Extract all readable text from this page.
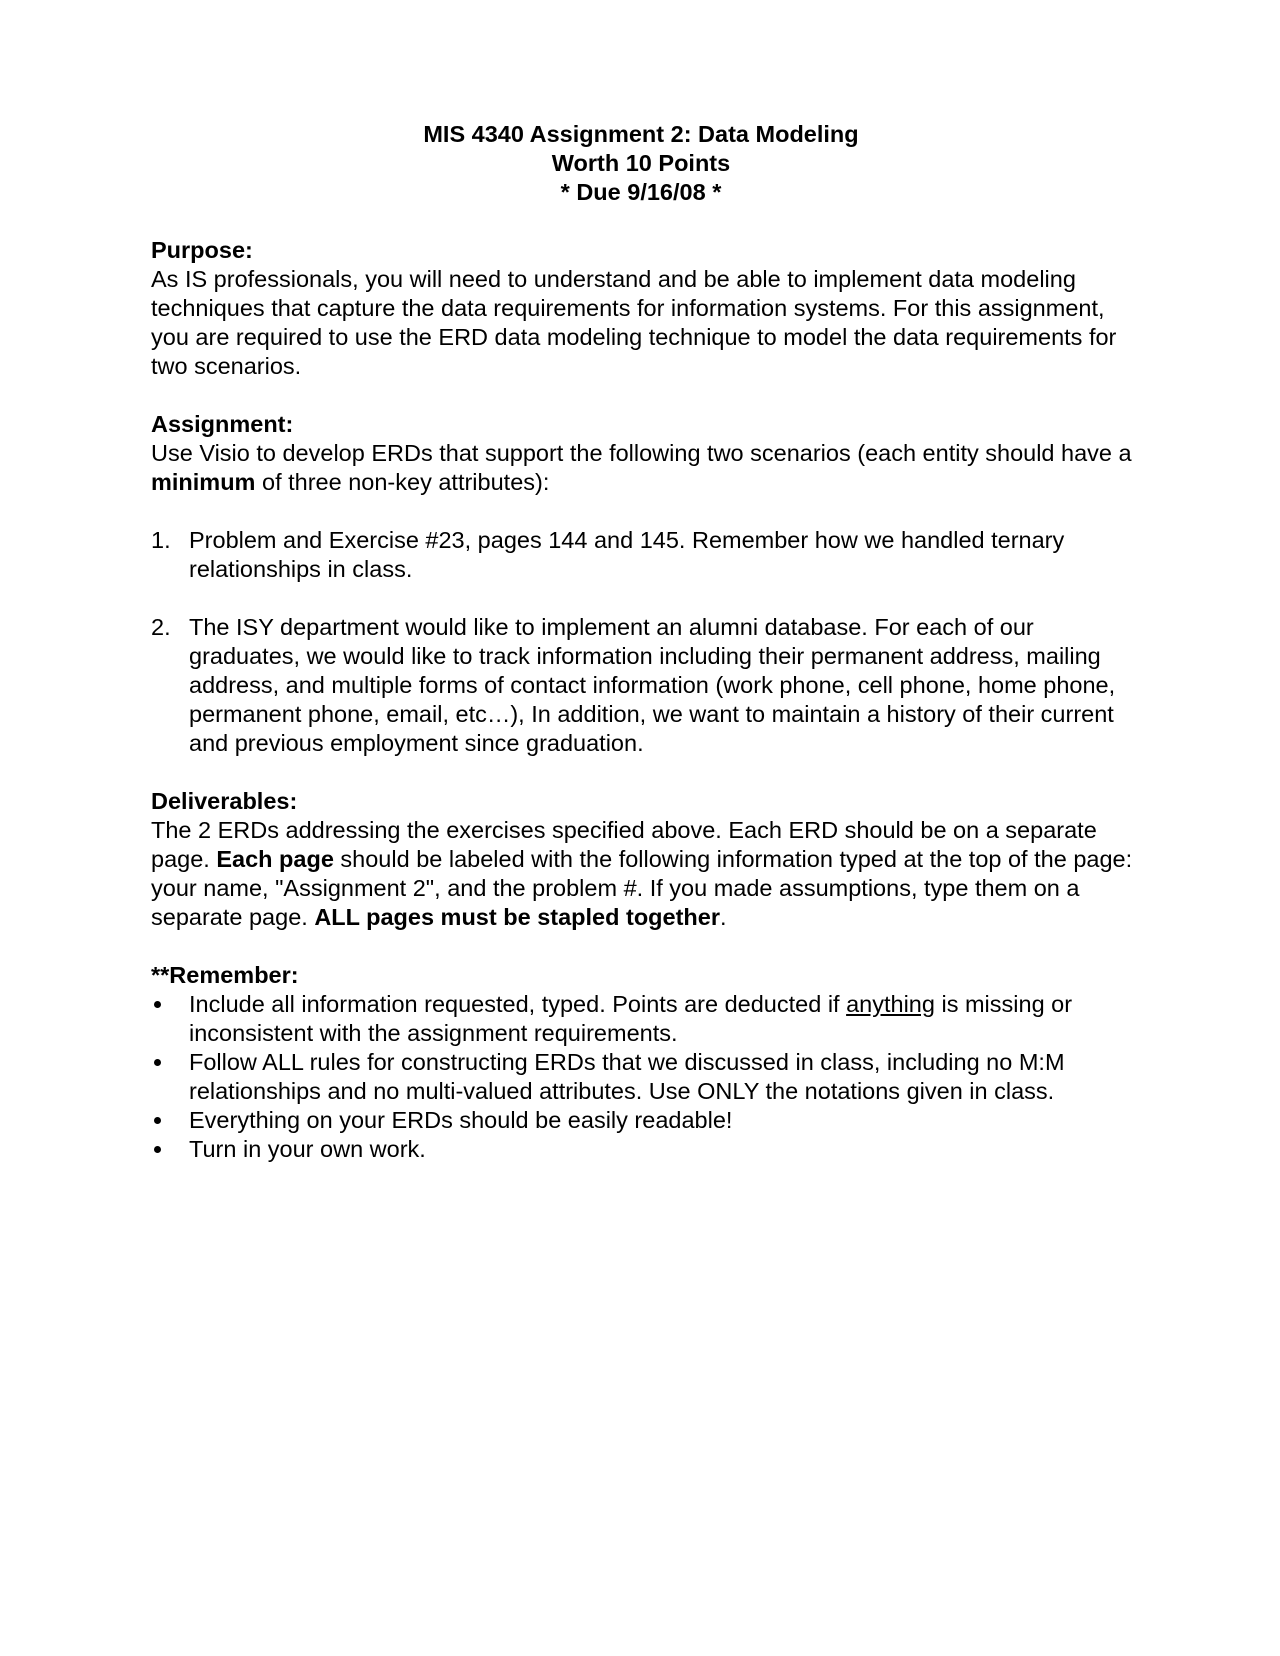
MIS 4340 Assignment 2: Data Modeling
Worth 10 Points
* Due 9/16/08 *
Purpose:

As IS professionals, you will need to understand and be able to implement data modeling techniques that capture the data requirements for information systems. For this assignment, you are required to use the ERD data modeling technique to model the data requirements for two scenarios.

Assignment:

Use Visio to develop ERDs that support the following two scenarios (each entity should have a minimum of three non-key attributes):

1. Problem and Exercise #23, pages 144 and 145. Remember how we handled ternary relationships in class.
2. The ISY department would like to implement an alumni database. For each of our graduates, we would like to track information including their permanent address, mailing address, and multiple forms of contact information (work phone, cell phone, home phone, permanent phone, email, etc…), In addition, we want to maintain a history of their current and previous employment since graduation.
Deliverables:

The 2 ERDs addressing the exercises specified above. Each ERD should be on a separate page. Each page should be labeled with the following information typed at the top of the page: your name, "Assignment 2", and the problem #. If you made assumptions, type them on a separate page. ALL pages must be stapled together.

**Remember:
Include all information requested, typed. Points are deducted if anything is missing or inconsistent with the assignment requirements.
Follow ALL rules for constructing ERDs that we discussed in class, including no M:M relationships and no multi-valued attributes. Use ONLY the notations given in class.
Everything on your ERDs should be easily readable!
Turn in your own work.
